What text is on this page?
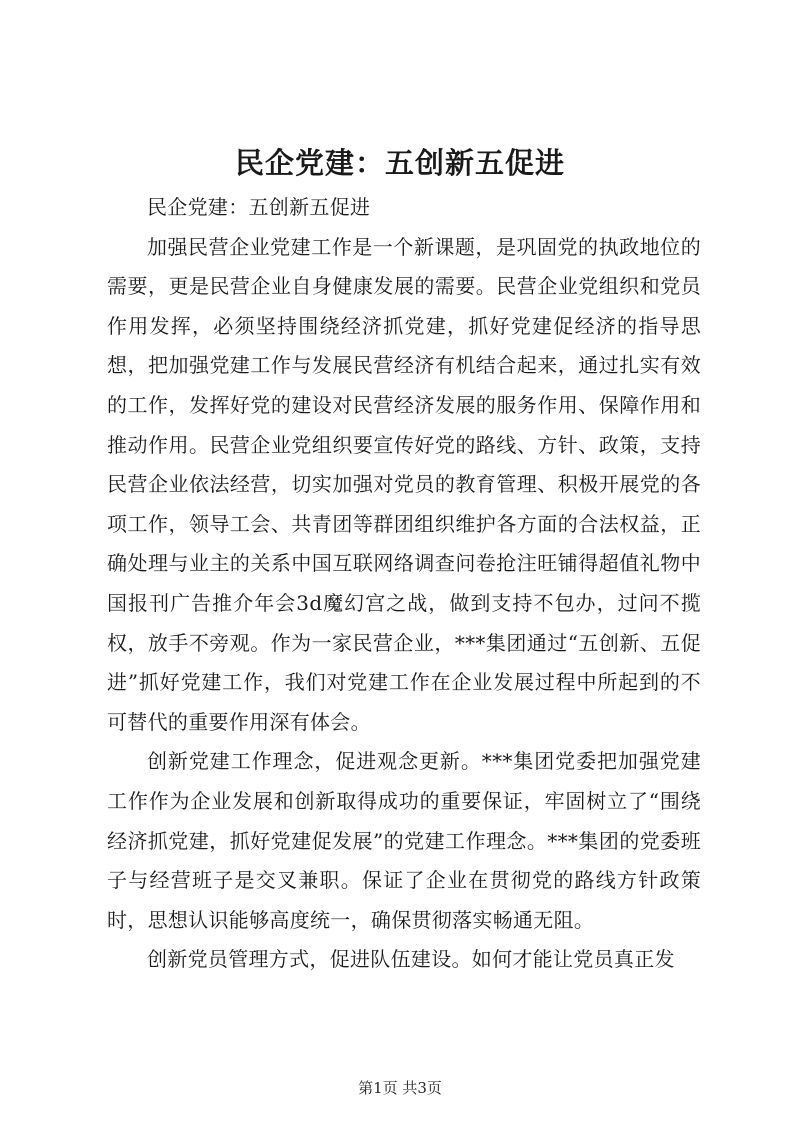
民企党建：五创新五促进

民企党建：五创新五促进

加强民营企业党建工作是一个新课题，是巩固党的执政地位的需要，更是民营企业自身健康发展的需要。民营企业党组织和党员作用发挥，必须坚持围绕经济抓党建，抓好党建促经济的指导思想，把加强党建工作与发展民营经济有机结合起来，通过扎实有效的工作，发挥好党的建设对民营经济发展的服务作用、保障作用和推动作用。民营企业党组织要宣传好党的路线、方针、政策，支持民营企业依法经营，切实加强对党员的教育管理、积极开展党的各项工作，领导工会、共青团等群团组织维护各方面的合法权益，正确处理与业主的关系中国互联网络调查问卷抢注旺铺得超值礼物中国报刊广告推介年会3d魔幻宫之战，做到支持不包办，过问不揽权，放手不旁观。作为一家民营企业，***集团通过“五创新、五促进”抓好党建工作，我们对党建工作在企业发展过程中所起到的不可替代的重要作用深有体会。

创新党建工作理念，促进观念更新。***集团党委把加强党建工作作为企业发展和创新取得成功的重要保证，牢固树立了“围绕经济抓党建，抓好党建促发展”的党建工作理念。***集团的党委班子与经营班子是交叉兼职。保证了企业在贯彻党的路线方针政策时，思想认识能够高度统一，确保贯彻落实畅通无阻。

创新党员管理方式，促进队伍建设。如何才能让党员真正发

第1页 共3页
